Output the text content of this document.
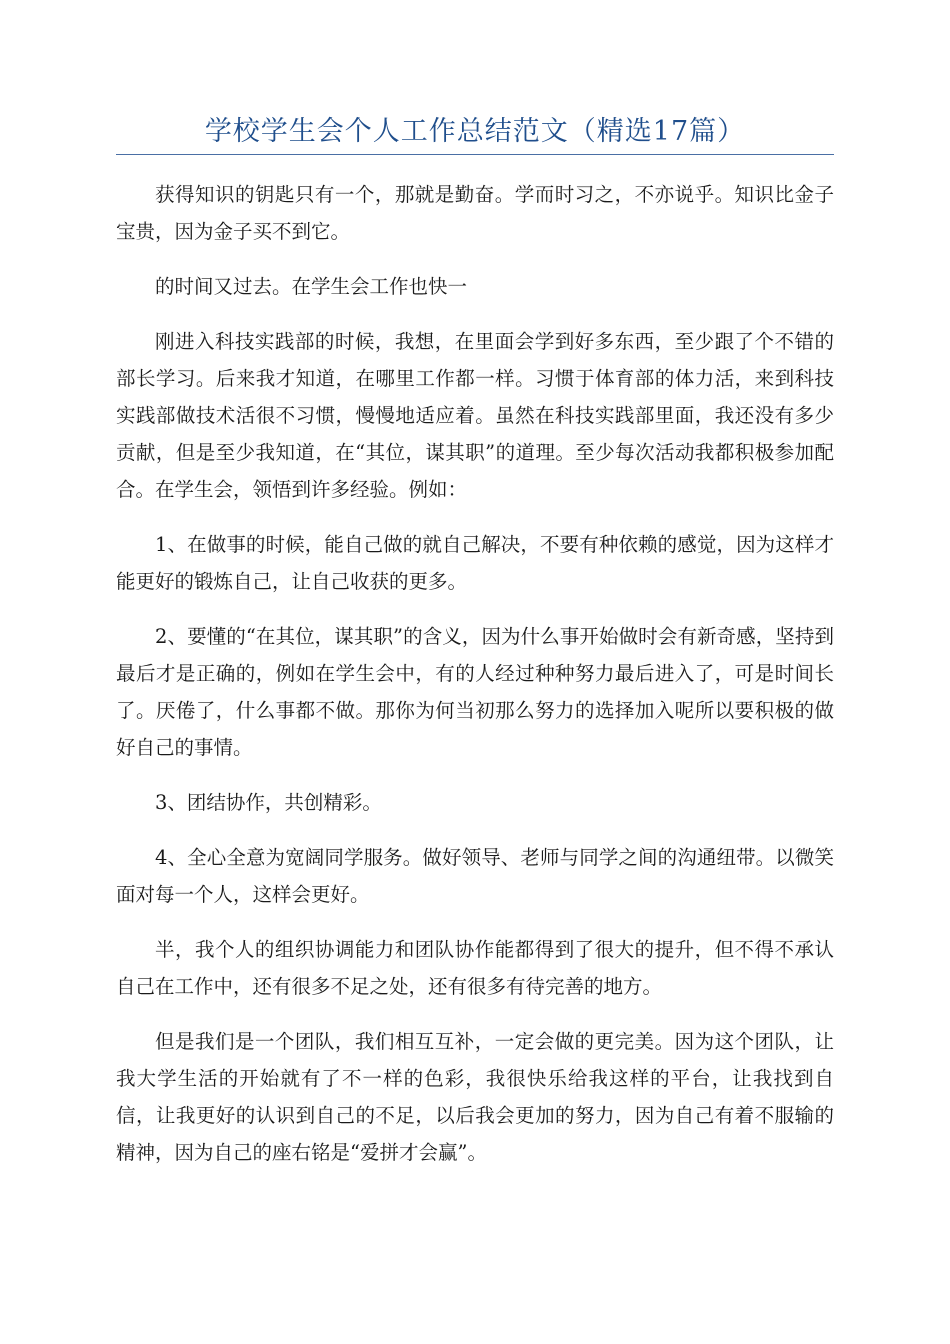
学校学生会个人工作总结范文（精选17篇）

获得知识的钥匙只有一个，那就是勤奋。学而时习之，不亦说乎。知识比金子宝贵，因为金子买不到它。

的时间又过去。在学生会工作也快一

刚进入科技实践部的时候，我想，在里面会学到好多东西，至少跟了个不错的部长学习。后来我才知道，在哪里工作都一样。习惯于体育部的体力活，来到科技实践部做技术活很不习惯，慢慢地适应着。虽然在科技实践部里面，我还没有多少贡献，但是至少我知道，在“其位，谋其职”的道理。至少每次活动我都积极参加配合。在学生会，领悟到许多经验。例如：

1、在做事的时候，能自己做的就自己解决，不要有种依赖的感觉，因为这样才能更好的锻炼自己，让自己收获的更多。

2、要懂的“在其位，谋其职”的含义，因为什么事开始做时会有新奇感，坚持到最后才是正确的，例如在学生会中，有的人经过种种努力最后进入了，可是时间长了。厌倦了，什么事都不做。那你为何当初那么努力的选择加入呢所以要积极的做好自己的事情。

3、团结协作，共创精彩。

4、全心全意为宽阔同学服务。做好领导、老师与同学之间的沟通纽带。以微笑面对每一个人，这样会更好。

半，我个人的组织协调能力和团队协作能都得到了很大的提升，但不得不承认自己在工作中，还有很多不足之处，还有很多有待完善的地方。

但是我们是一个团队，我们相互互补，一定会做的更完美。因为这个团队，让我大学生活的开始就有了不一样的色彩，我很快乐给我这样的平台，让我找到自信，让我更好的认识到自己的不足，以后我会更加的努力，因为自己有着不服输的精神，因为自己的座右铭是“爱拼才会赢”。
